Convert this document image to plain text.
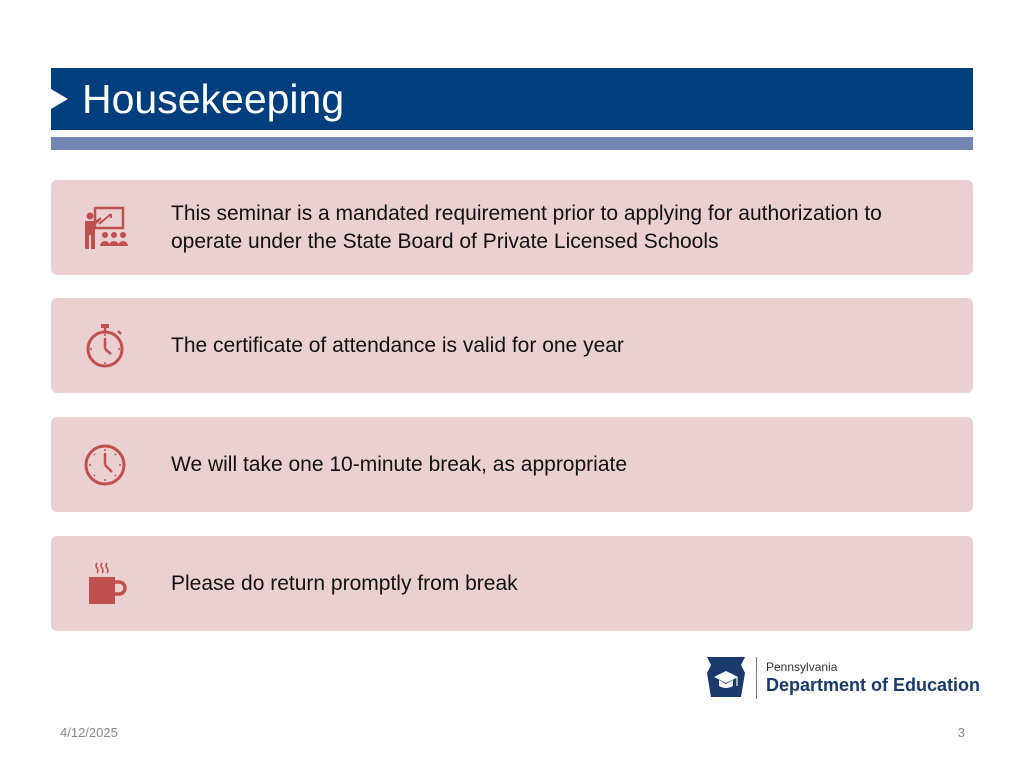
Housekeeping
This seminar is a mandated requirement prior to applying for authorization to operate under the State Board of Private Licensed Schools
The certificate of attendance is valid for one year
We will take one 10-minute break, as appropriate
Please do return promptly from break
Pennsylvania
Department of Education
4/12/2025	3
